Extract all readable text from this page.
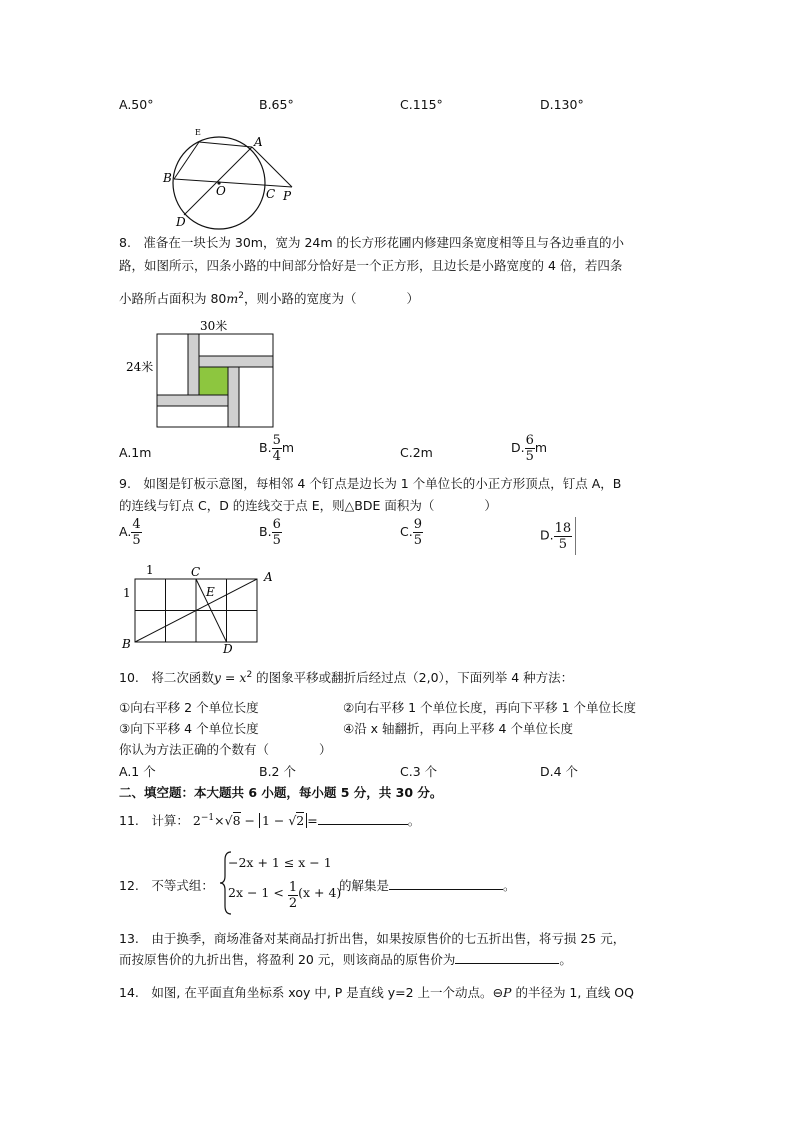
A.50°	B.65°	C.115°	D.130°
E
A
B
O	C P
D
8.　准备在一块长为 30m，宽为 24m 的长方形花圃内修建四条宽度相等且与各边垂直的小
路，如图所示，四条小路的中间部分恰好是一个正方形，且边长是小路宽度的 4 倍，若四条
小路所占面积为 $80m^2$，则小路的宽度为（　　　　）
30米
24米
A.1m	B. $\frac{5}{4}$ m	C.2m	D. $\frac{6}{5}$ m
9.　如图是钉板示意图，每相邻 4 个钉点是边长为 1 个单位长的小正方形顶点，钉点 A，B
的连线与钉点 C，D 的连线交于点 E，则△BDE 面积为（　　　　）
A. $\frac{4}{5}$	B. $\frac{6}{5}$	C. $\frac{9}{5}$	D. $\frac{18}{5}$
1
1
C	A
E
B	D
10.　将二次函数$y = x^2$ 的图象平移或翻折后经过点（2,0），下面列举 4 种方法：
①向右平移 2 个单位长度	②向右平移 1 个单位长度，再向下平移 1 个单位长度
③向下平移 4 个单位长度	④沿 x 轴翻折，再向上平移 4 个单位长度
你认为方法正确的个数有（　　　　）
A.1 个	B.2 个	C.3 个	D.4 个
二、填空题：本大题共 6 小题，每小题 5 分，共 30 分。
11.　计算： $2^{-1}\times√8 - 1 - √2$ =	。
12.　不等式组：
−2x + 1 ≤ x − 1
$2x - 1 < \frac{1}{2} (x + 4)$
的解集是	。
13.　由于换季，商场准备对某商品打折出售，如果按原售价的七五折出售，将亏损 25 元，
而按原售价的九折出售，将盈利 20 元，则该商品的原售价为	。
14.　如图, 在平面直角坐标系 xoy 中, P 是直线 y=2 上一个动点。⊖P 的半径为 1, 直线 OQ
